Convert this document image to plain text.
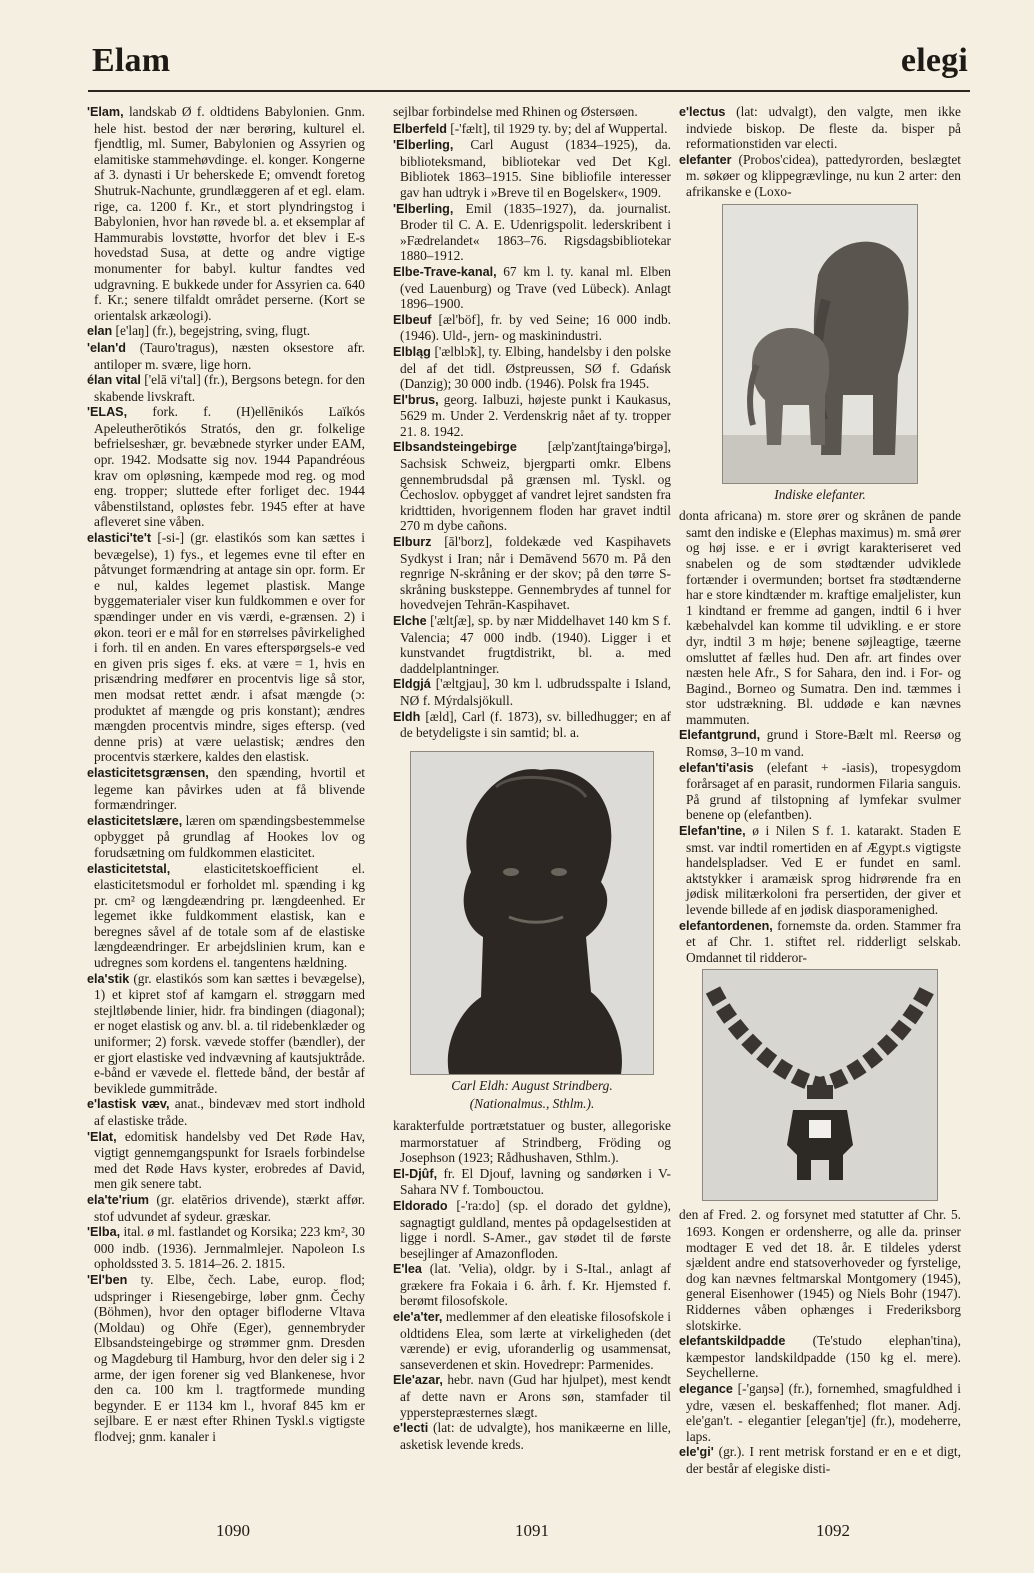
Elam	elegi

'Elam, landskab Ø f. oldtidens Babylonien. Gnm. hele hist. bestod der nær berøring, kulturel el. fjendtlig, ml. Sumer, Babylonien og Assyrien og elamitiske stammehøvdinge. el. konger. Kongerne af 3. dynasti i Ur beherskede E; omvendt foretog Shutruk-Nachunte, grundlæggeren af et egl. elam. rige, ca. 1200 f. Kr., et stort plyndringstog i Babylonien, hvor han røvede bl. a. et eksemplar af Hammurabis lovstøtte, hvorfor det blev i E-s hovedstad Susa, at dette og andre vigtige monumenter for babyl. kultur fandtes ved udgravning. E bukkede under for Assyrien ca. 640 f. Kr.; senere tilfaldt området perserne. (Kort se orientalsk arkæologi).

elan [e'laŋ] (fr.), begejstring, sving, flugt.

'elan'd (Tauro'tragus), næsten oksestore afr. antiloper m. svære, lige horn.

élan vital ['elā vi'tal] (fr.), Bergsons betegn. for den skabende livskraft.

'ELAS, fork. f. (H)ellēnikós Laïkós Apeleutherōtikós Stratós, den gr. folkelige befrielseshær, gr. bevæbnede styrker under EAM, opr. 1942. Modsatte sig nov. 1944 Papandréous krav om opløsning, kæmpede mod reg. og mod eng. tropper; sluttede efter forliget dec. 1944 våbenstilstand, opløstes febr. 1945 efter at have afleveret sine våben.

elastici'te't [-si-] (gr. elastikós som kan sættes i bevægelse), 1) fys., et legemes evne til efter en påtvunget formændring at antage sin opr. form. Er e nul, kaldes legemet plastisk. Mange byggematerialer viser kun fuldkommen e over for spændinger under en vis værdi, e-grænsen. 2) i økon. teori er e mål for en størrelses påvirkelighed i forh. til en anden. En vares efterspørgsels-e ved en given pris siges f. eks. at være = 1, hvis en prisændring medfører en procentvis lige så stor, men modsat rettet ændr. i afsat mængde (ɔ: produktet af mængde og pris konstant); ændres mængden procentvis mindre, siges eftersp. (ved denne pris) at være uelastisk; ændres den procentvis stærkere, kaldes den elastisk.

elasticitetsgrænsen, den spænding, hvortil et legeme kan påvirkes uden at få blivende formændringer.

elasticitetslære, læren om spændingsbestemmelse opbygget på grundlag af Hookes lov og forudsætning om fuldkommen elasticitet.

elasticitetstal, elasticitetskoefficient el. elasticitetsmodul er forholdet ml. spænding i kg pr. cm² og længdeændring pr. længdeenhed. Er legemet ikke fuldkomment elastisk, kan e beregnes såvel af de totale som af de elastiske længdeændringer. Er arbejdslinien krum, kan e udregnes som kordens el. tangentens hældning.

ela'stik (gr. elastikós som kan sættes i bevægelse), 1) et kipret stof af kamgarn el. strøggarn med stejltløbende linier, hidr. fra bindingen (diagonal); er noget elastisk og anv. bl. a. til ridebenklæder og uniformer; 2) forsk. vævede stoffer (bændler), der er gjort elastiske ved indvævning af kautsjuktråde. e-bånd er vævede el. flettede bånd, der består af beviklede gummitråde.

e'lastisk væv, anat., bindevæv med stort indhold af elastiske tråde.

'Elat, edomitisk handelsby ved Det Røde Hav, vigtigt gennemgangspunkt for Israels forbindelse med det Røde Havs kyster, erobredes af David, men gik senere tabt.

ela'te'rium (gr. elatērios drivende), stærkt affør. stof udvundet af sydeur. græskar.

'Elba, ital. ø ml. fastlandet og Korsika; 223 km², 30 000 indb. (1936). Jernmalmlejer. Napoleon I.s opholdssted 3. 5. 1814–26. 2. 1815.

'El'ben ty. Elbe, čech. Labe, europ. flod; udspringer i Riesengebirge, løber gnm. Čechy (Böhmen), hvor den optager bifloderne Vltava (Moldau) og Ohře (Eger), gennembryder Elbsandsteingebirge og strømmer gnm. Dresden og Magdeburg til Hamburg, hvor den deler sig i 2 arme, der igen forener sig ved Blankenese, hvor den ca. 100 km l. tragtformede munding begynder. E er 1134 km l., hvoraf 845 km er sejlbare. E er næst efter Rhinen Tyskl.s vigtigste flodvej; gnm. kanaler i

sejlbar forbindelse med Rhinen og Østersøen.

Elberfeld [-'fælt], til 1929 ty. by; del af Wuppertal.

'Elberling, Carl August (1834–1925), da. biblioteksmand, bibliotekar ved Det Kgl. Bibliotek 1863–1915. Sine bibliofile interesser gav han udtryk i »Breve til en Bogelsker«, 1909.

'Elberling, Emil (1835–1927), da. journalist. Broder til C. A. E. Udenrigspolit. lederskribent i »Fædrelandet« 1863–76. Rigsdagsbibliotekar 1880–1912.

Elbe-Trave-kanal, 67 km l. ty. kanal ml. Elben (ved Lauenburg) og Trave (ved Lübeck). Anlagt 1896–1900.

Elbeuf [æl'böf], fr. by ved Seine; 16 000 indb. (1946). Uld-, jern- og maskinindustri.

Elbląg ['ælblɔ̃k], ty. Elbing, handelsby i den polske del af det tidl. Østpreussen, SØ f. Gdańsk (Danzig); 30 000 indb. (1946). Polsk fra 1945.

El'brus, georg. Ialbuzi, højeste punkt i Kaukasus, 5629 m. Under 2. Verdenskrig nået af ty. tropper 21. 8. 1942.

Elbsandsteingebirge [ælp'zantʃtaingə'birgə], Sachsisk Schweiz, bjergparti omkr. Elbens gennembrudsdal på grænsen ml. Tyskl. og Čechoslov. opbygget af vandret lejret sandsten fra kridttiden, hvorigennem floden har gravet indtil 270 m dybe cañons.

Elburz [āl'borz], foldekæde ved Kaspihavets Sydkyst i Iran; når i Demāvend 5670 m. På den regnrige N-skråning er der skov; på den tørre S-skråning busksteppe. Gennembrydes af tunnel for hovedvejen Tehrān-Kaspihavet.

Elche ['æltʃæ], sp. by nær Middelhavet 140 km S f. Valencia; 47 000 indb. (1940). Ligger i et kunstvandet frugtdistrikt, bl. a. med daddelplantninger.

Eldgjá ['æltgjau], 30 km l. udbrudsspalte i Island, NØ f. Mýrdalsjökull.

Eldh [æld], Carl (f. 1873), sv. billedhugger; en af de betydeligste i sin samtid; bl. a.

Carl Eldh: August Strindberg.
(Nationalmus., Sthlm.).

karakterfulde portrætstatuer og buster, allegoriske marmorstatuer af Strindberg, Fröding og Josephson (1923; Rådhushaven, Sthlm.).

El-Djûf, fr. El Djouf, lavning og sandørken i V-Sahara NV f. Tombouctou.

Eldorado [-'ra:do] (sp. el dorado det gyldne), sagnagtigt guldland, mentes på opdagelsestiden at ligge i nordl. S-Amer., gav stødet til de første besejlinger af Amazonfloden.

E'lea (lat. 'Velia), oldgr. by i S-Ital., anlagt af grækere fra Fokaia i 6. årh. f. Kr. Hjemsted f. berømt filosofskole.

ele'a'ter, medlemmer af den eleatiske filosofskole i oldtidens Elea, som lærte at virkeligheden (det værende) er evig, uforanderlig og usammensat, sanseverdenen et skin. Hovedrepr: Parmenides.

Ele'azar, hebr. navn (Gud har hjulpet), mest kendt af dette navn er Arons søn, stamfader til ypperstepræsternes slægt.

e'lecti (lat: de udvalgte), hos manikæerne en lille, asketisk levende kreds.

e'lectus (lat: udvalgt), den valgte, men ikke indviede biskop. De fleste da. bisper på reformationstiden var electi.

elefanter (Probos'cidea), pattedyrorden, beslægtet m. søkøer og klippegrævlinge, nu kun 2 arter: den afrikanske e (Loxo-

Indiske elefanter.

donta africana) m. store ører og skrånen de pande samt den indiske e (Elephas maximus) m. små ører og høj isse. e er i øvrigt karakteriseret ved snabelen og de som stødtænder udviklede fortænder i overmunden; bortset fra stødtænderne har e store kindtænder m. kraftige emaljelister, kun 1 kindtand er fremme ad gangen, indtil 6 i hver kæbehalvdel kan komme til udvikling. e er store dyr, indtil 3 m høje; benene søjleagtige, tæerne omsluttet af fælles hud. Den afr. art findes over næsten hele Afr., S for Sahara, den ind. i For- og Bagind., Borneo og Sumatra. Den ind. tæmmes i stor udstrækning. Bl. uddøde e kan nævnes mammuten.

Elefantgrund, grund i Store-Bælt ml. Reersø og Romsø, 3–10 m vand.

elefan'ti'asis (elefant + -iasis), tropesygdom forårsaget af en parasit, rundormen Filaria sanguis. På grund af tilstopning af lymfekar svulmer benene op (elefantben).

Elefan'tine, ø i Nilen S f. 1. katarakt. Staden E smst. var indtil romertiden en af Ægypt.s vigtigste handelspladser. Ved E er fundet en saml. aktstykker i aramæisk sprog hidrørende fra en jødisk militærkoloni fra persertiden, der giver et levende billede af en jødisk diasporamenighed.

elefantordenen, fornemste da. orden. Stammer fra et af Chr. 1. stiftet rel. ridderligt selskab. Omdannet til ridderor-

den af Fred. 2. og forsynet med statutter af Chr. 5. 1693. Kongen er ordensherre, og alle da. prinser modtager E ved det 18. år. E tildeles yderst sjældent andre end statsoverhoveder og fyrstelige, dog kan nævnes feltmarskal Montgomery (1945), general Eisenhower (1945) og Niels Bohr (1947). Riddernes våben ophænges i Frederiksborg slotskirke.

elefantskildpadde (Te'studo elephan'tina), kæmpestor landskildpadde (150 kg el. mere). Seychellerne.

elegance [-'gaŋsə] (fr.), fornemhed, smagfuldhed i ydre, væsen el. beskaffenhed; flot maner. Adj. ele'gan't. - elegantier [elegan'tje] (fr.), modeherre, laps.

ele'gi' (gr.). I rent metrisk forstand er en e et digt, der består af elegiske disti-

1090	1091	1092
